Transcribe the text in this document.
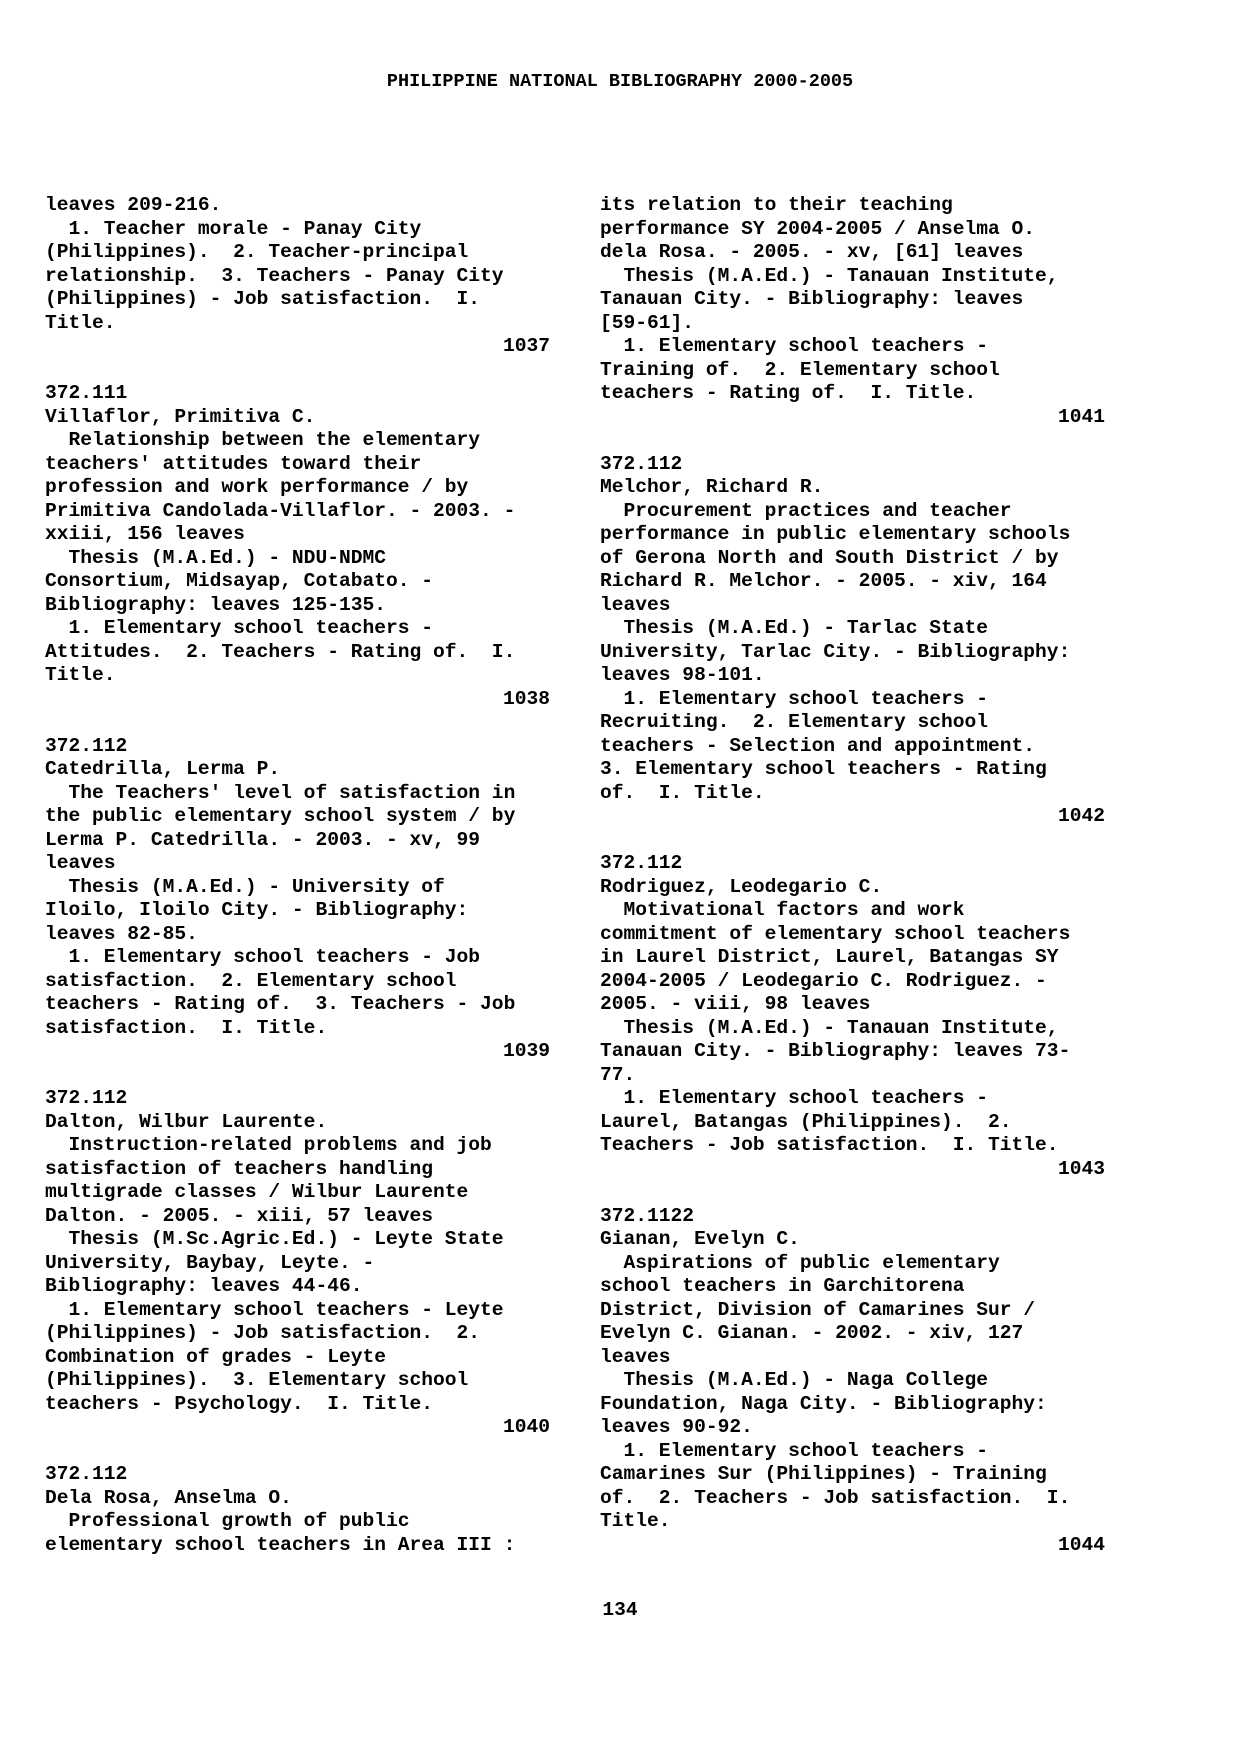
PHILIPPINE NATIONAL BIBLIOGRAPHY 2000-2005
leaves 209-216.
1. Teacher morale - Panay City
(Philippines).  2. Teacher-principal
relationship.  3. Teachers - Panay City
(Philippines) - Job satisfaction.  I.
Title.
1037
372.111
Villaflor, Primitiva C.
Relationship between the elementary
teachers' attitudes toward their
profession and work performance / by
Primitiva Candolada-Villaflor. - 2003. -
xxiii, 156 leaves
Thesis (M.A.Ed.) - NDU-NDMC
Consortium, Midsayap, Cotabato. -
Bibliography: leaves 125-135.
1. Elementary school teachers -
Attitudes.  2. Teachers - Rating of.  I.
Title.
1038
372.112
Catedrilla, Lerma P.
The Teachers' level of satisfaction in
the public elementary school system / by
Lerma P. Catedrilla. - 2003. - xv, 99
leaves
Thesis (M.A.Ed.) - University of
Iloilo, Iloilo City. - Bibliography:
leaves 82-85.
1. Elementary school teachers - Job
satisfaction.  2. Elementary school
teachers - Rating of.  3. Teachers - Job
satisfaction.  I. Title.
1039
372.112
Dalton, Wilbur Laurente.
Instruction-related problems and job
satisfaction of teachers handling
multigrade classes / Wilbur Laurente
Dalton. - 2005. - xiii, 57 leaves
Thesis (M.Sc.Agric.Ed.) - Leyte State
University, Baybay, Leyte. -
Bibliography: leaves 44-46.
1. Elementary school teachers - Leyte
(Philippines) - Job satisfaction.  2.
Combination of grades - Leyte
(Philippines).  3. Elementary school
teachers - Psychology.  I. Title.
1040
372.112
Dela Rosa, Anselma O.
Professional growth of public
elementary school teachers in Area III :
its relation to their teaching
performance SY 2004-2005 / Anselma O.
dela Rosa. - 2005. - xv, [61] leaves
Thesis (M.A.Ed.) - Tanauan Institute,
Tanauan City. - Bibliography: leaves
[59-61].
1. Elementary school teachers -
Training of.  2. Elementary school
teachers - Rating of.  I. Title.
1041
372.112
Melchor, Richard R.
Procurement practices and teacher
performance in public elementary schools
of Gerona North and South District / by
Richard R. Melchor. - 2005. - xiv, 164
leaves
Thesis (M.A.Ed.) - Tarlac State
University, Tarlac City. - Bibliography:
leaves 98-101.
1. Elementary school teachers -
Recruiting.  2. Elementary school
teachers - Selection and appointment.
3. Elementary school teachers - Rating
of.  I. Title.
1042
372.112
Rodriguez, Leodegario C.
Motivational factors and work
commitment of elementary school teachers
in Laurel District, Laurel, Batangas SY
2004-2005 / Leodegario C. Rodriguez. -
2005. - viii, 98 leaves
Thesis (M.A.Ed.) - Tanauan Institute,
Tanauan City. - Bibliography: leaves 73-
77.
1. Elementary school teachers -
Laurel, Batangas (Philippines).  2.
Teachers - Job satisfaction.  I. Title.
1043
372.1122
Gianan, Evelyn C.
Aspirations of public elementary
school teachers in Garchitorena
District, Division of Camarines Sur /
Evelyn C. Gianan. - 2002. - xiv, 127
leaves
Thesis (M.A.Ed.) - Naga College
Foundation, Naga City. - Bibliography:
leaves 90-92.
1. Elementary school teachers -
Camarines Sur (Philippines) - Training
of.  2. Teachers - Job satisfaction.  I.
Title.
1044
134
